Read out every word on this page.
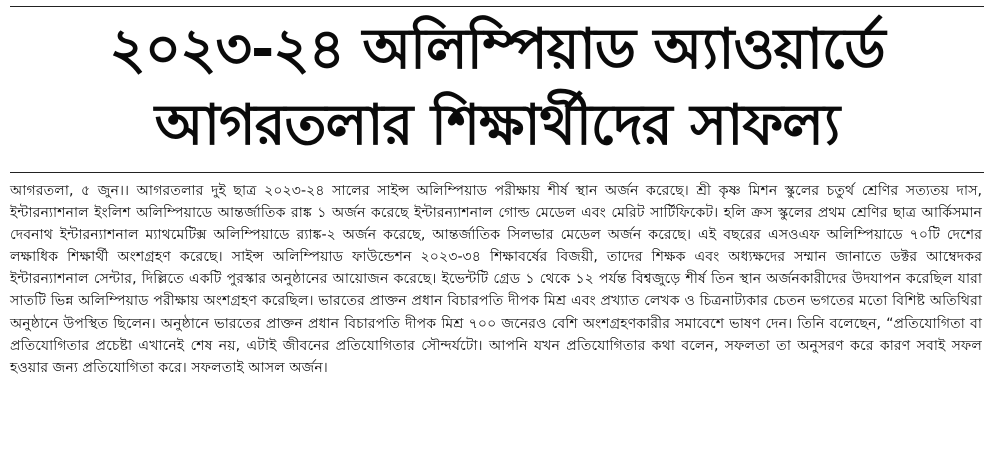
২০২৩-২৪ অলিম্পিয়াড অ্যাওয়ার্ডে
আগরতলার শিক্ষার্থীদের সাফল্য

আগরতলা, ৫ জুন।। আগরতলার দুই ছাত্র ২০২৩-২৪ সালের সাইন্স অলিম্পিয়াড পরীক্ষায় শীর্ষ স্থান অর্জন করেছে। শ্রী কৃষ্ণ মিশন স্কুলের চতুর্থ শ্রেণির সত্যতয় দাস, ইন্টারন্যাশনাল ইংলিশ অলিম্পিয়াডে আন্তর্জাতিক রাঙ্ক ১ অর্জন করেছে ইন্টারন্যাশনাল গোল্ড মেডেল এবং মেরিট সার্টিফিকেট। হলি ক্রস স্কুলের প্রথম শ্রেণির ছাত্র আর্কিসমান দেবনাথ ইন্টারন্যাশনাল ম্যাথমেটিক্স অলিম্পিয়াডে র‍্যাঙ্ক-২ অর্জন করেছে, আন্তর্জাতিক সিলভার মেডেল অর্জন করেছে। এই বছরের এসওএফ অলিম্পিয়াডে ৭০টি দেশের লক্ষাধিক শিক্ষার্থী অংশগ্রহণ করেছে। সাইন্স অলিম্পিয়াড ফাউন্ডেশন ২০২৩-৩৪ শিক্ষাবর্ষের বিজয়ী, তাদের শিক্ষক এবং অধ্যক্ষদের সম্মান জানাতে ডক্টর আম্বেদকর ইন্টারন্যাশনাল সেন্টার, দিল্লিতে একটি পুরস্কার অনুষ্ঠানের আয়োজন করেছে। ইভেন্টটি গ্রেড ১ থেকে ১২ পর্যন্ত বিশ্বজুড়ে শীর্ষ তিন স্থান অর্জনকারীদের উদযাপন করেছিল যারা সাতটি ভিন্ন অলিম্পিয়াড পরীক্ষায় অংশগ্রহণ করেছিল। ভারতের প্রাক্তন প্রধান বিচারপতি দীপক মিশ্র এবং প্রখ্যাত লেখক ও চিত্রনাট্যকার চেতন ভগতের মতো বিশিষ্ট অতিথিরা অনুষ্ঠানে উপস্থিত ছিলেন। অনুষ্ঠানে ভারতের প্রাক্তন প্রধান বিচারপতি দীপক মিশ্র ৭০০ জনেরও বেশি অংশগ্রহণকারীর সমাবেশে ভাষণ দেন। তিনি বলেছেন, “প্রতিযোগিতা বা প্রতিযোগিতার প্রচেষ্টা এখানেই শেষ নয়, এটাই জীবনের প্রতিযোগিতার সৌন্দর্যটো। আপনি যখন প্রতিযোগিতার কথা বলেন, সফলতা তা অনুসরণ করে কারণ সবাই সফল হওয়ার জন্য প্রতিযোগিতা করে। সফলতাই আসল অর্জন।
